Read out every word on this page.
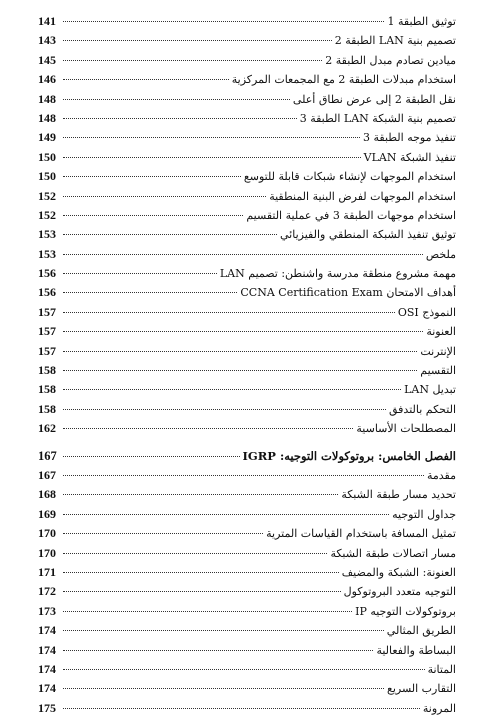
141	توثيق الطبقة 1
143	تصميم بنية LAN الطبقة 2
145	ميادين تصادم مبدل الطبقة 2
146	استخدام مبدلات الطبقة 2 مع المجمعات المركزية
148	نقل الطبقة 2 إلى عرض نطاق أعلى
148	تصميم بنية الشبكة LAN الطبقة 3
149	تنفيذ موجه الطبقة 3
150	تنفيذ الشبكة VLAN
150	استخدام الموجهات لإنشاء شبكات قابلة للتوسع
152	استخدام الموجهات لفرض البنية المنطقية
152	استخدام موجهات الطبقة 3 في عملية التقسيم
153	توثيق تنفيذ الشبكة المنطقي والفيزيائي
153	ملخص
156	مهمة مشروع منطقة مدرسة واشنطن: تصميم LAN
156	أهداف الامتحان CCNA Certification Exam
157	النموذج OSI
157	العنونة
157	الإنترنت
158	التقسيم
158	تبديل LAN
158	التحكم بالتدفق
162	المصطلحات الأساسية
167	الفصل الخامس: بروتوكولات التوجيه: IGRP
167	مقدمة
168	تحديد مسار طبقة الشبكة
169	جداول التوجيه
170	تمثيل المسافة باستخدام القياسات المترية
170	مسار اتصالات طبقة الشبكة
171	العنونة: الشبكة والمضيف
172	التوجيه متعدد البروتوكول
173	بروتوكولات التوجيه IP
174	الطريق المثالي
174	البساطة والفعالية
174	المتانة
174	التقارب السريع
175	المرونة
